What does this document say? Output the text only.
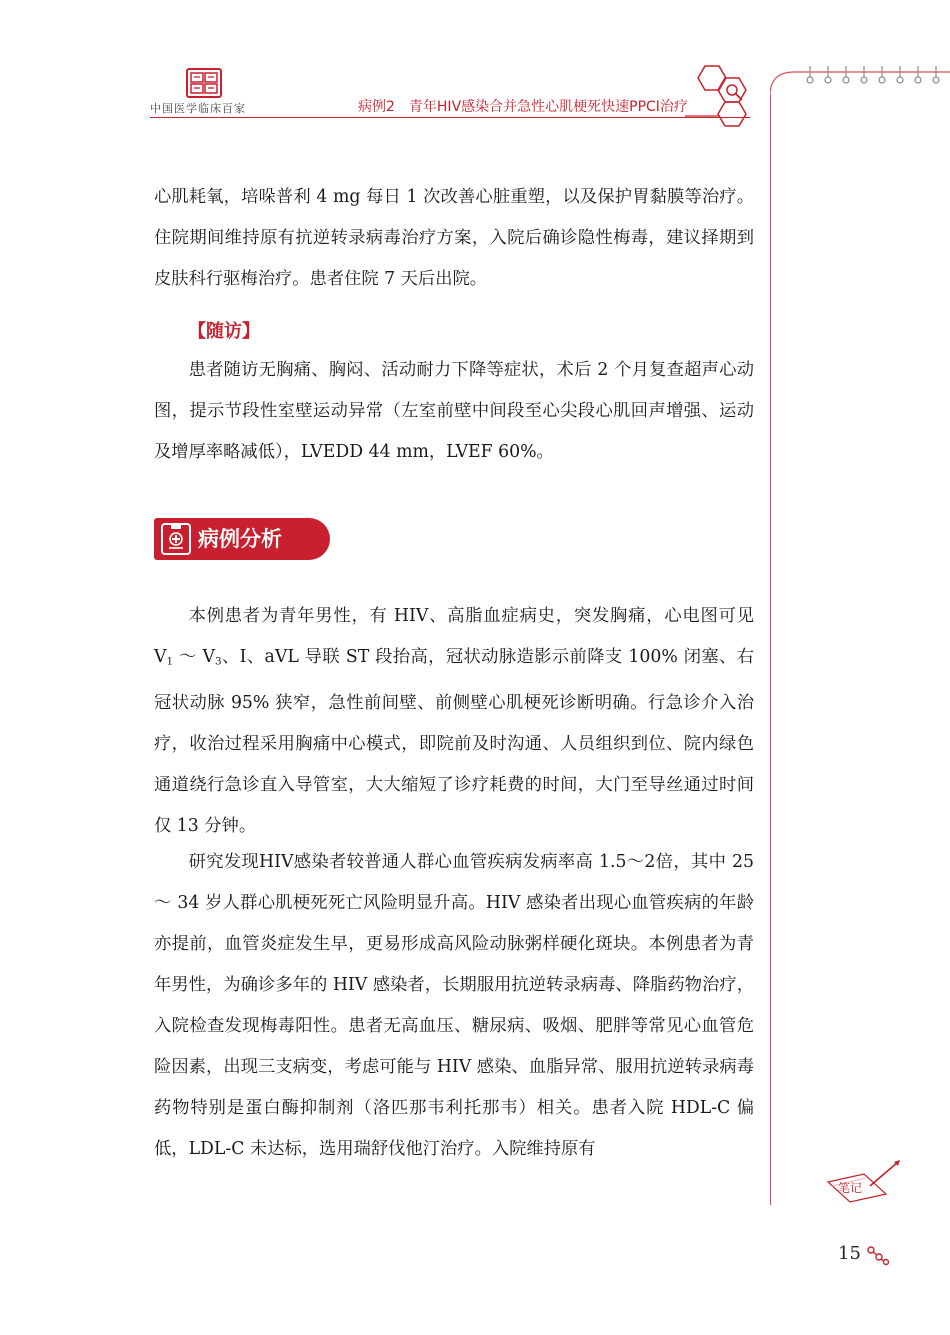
中国医学临床百家	病例2　青年HIV感染合并急性心肌梗死快速PPCI治疗
笔记

心肌耗氧，培哚普利 4 mg 每日 1 次改善心脏重塑，以及保护胃黏膜等治疗。住院期间维持原有抗逆转录病毒治疗方案，入院后确诊隐性梅毒，建议择期到皮肤科行驱梅治疗。患者住院 7 天后出院。

【随访】

患者随访无胸痛、胸闷、活动耐力下降等症状，术后 2 个月复查超声心动图，提示节段性室壁运动异常（左室前壁中间段至心尖段心肌回声增强、运动及增厚率略减低），LVEDD 44 mm，LVEF 60%。

病例分析

本例患者为青年男性，有 HIV、高脂血症病史，突发胸痛，心电图可见 $V_1$ ～ $V_3$、Ⅰ、aVL 导联 ST 段抬高，冠状动脉造影示前降支 100% 闭塞、右冠状动脉 95% 狭窄，急性前间壁、前侧壁心肌梗死诊断明确。行急诊介入治疗，收治过程采用胸痛中心模式，即院前及时沟通、人员组织到位、院内绿色通道绕行急诊直入导管室，大大缩短了诊疗耗费的时间，大门至导丝通过时间仅 13 分钟。

研究发现HIV感染者较普通人群心血管疾病发病率高 1.5～2倍，其中 25 ～ 34 岁人群心肌梗死死亡风险明显升高。HIV 感染者出现心血管疾病的年龄亦提前，血管炎症发生早，更易形成高风险动脉粥样硬化斑块。本例患者为青年男性，为确诊多年的 HIV 感染者，长期服用抗逆转录病毒、降脂药物治疗，入院检查发现梅毒阳性。患者无高血压、糖尿病、吸烟、肥胖等常见心血管危险因素，出现三支病变，考虑可能与 HIV 感染、血脂异常、服用抗逆转录病毒药物特别是蛋白酶抑制剂（洛匹那韦利托那韦）相关。患者入院 HDL-C 偏低，LDL-C 未达标，选用瑞舒伐他汀治疗。入院维持原有

15
